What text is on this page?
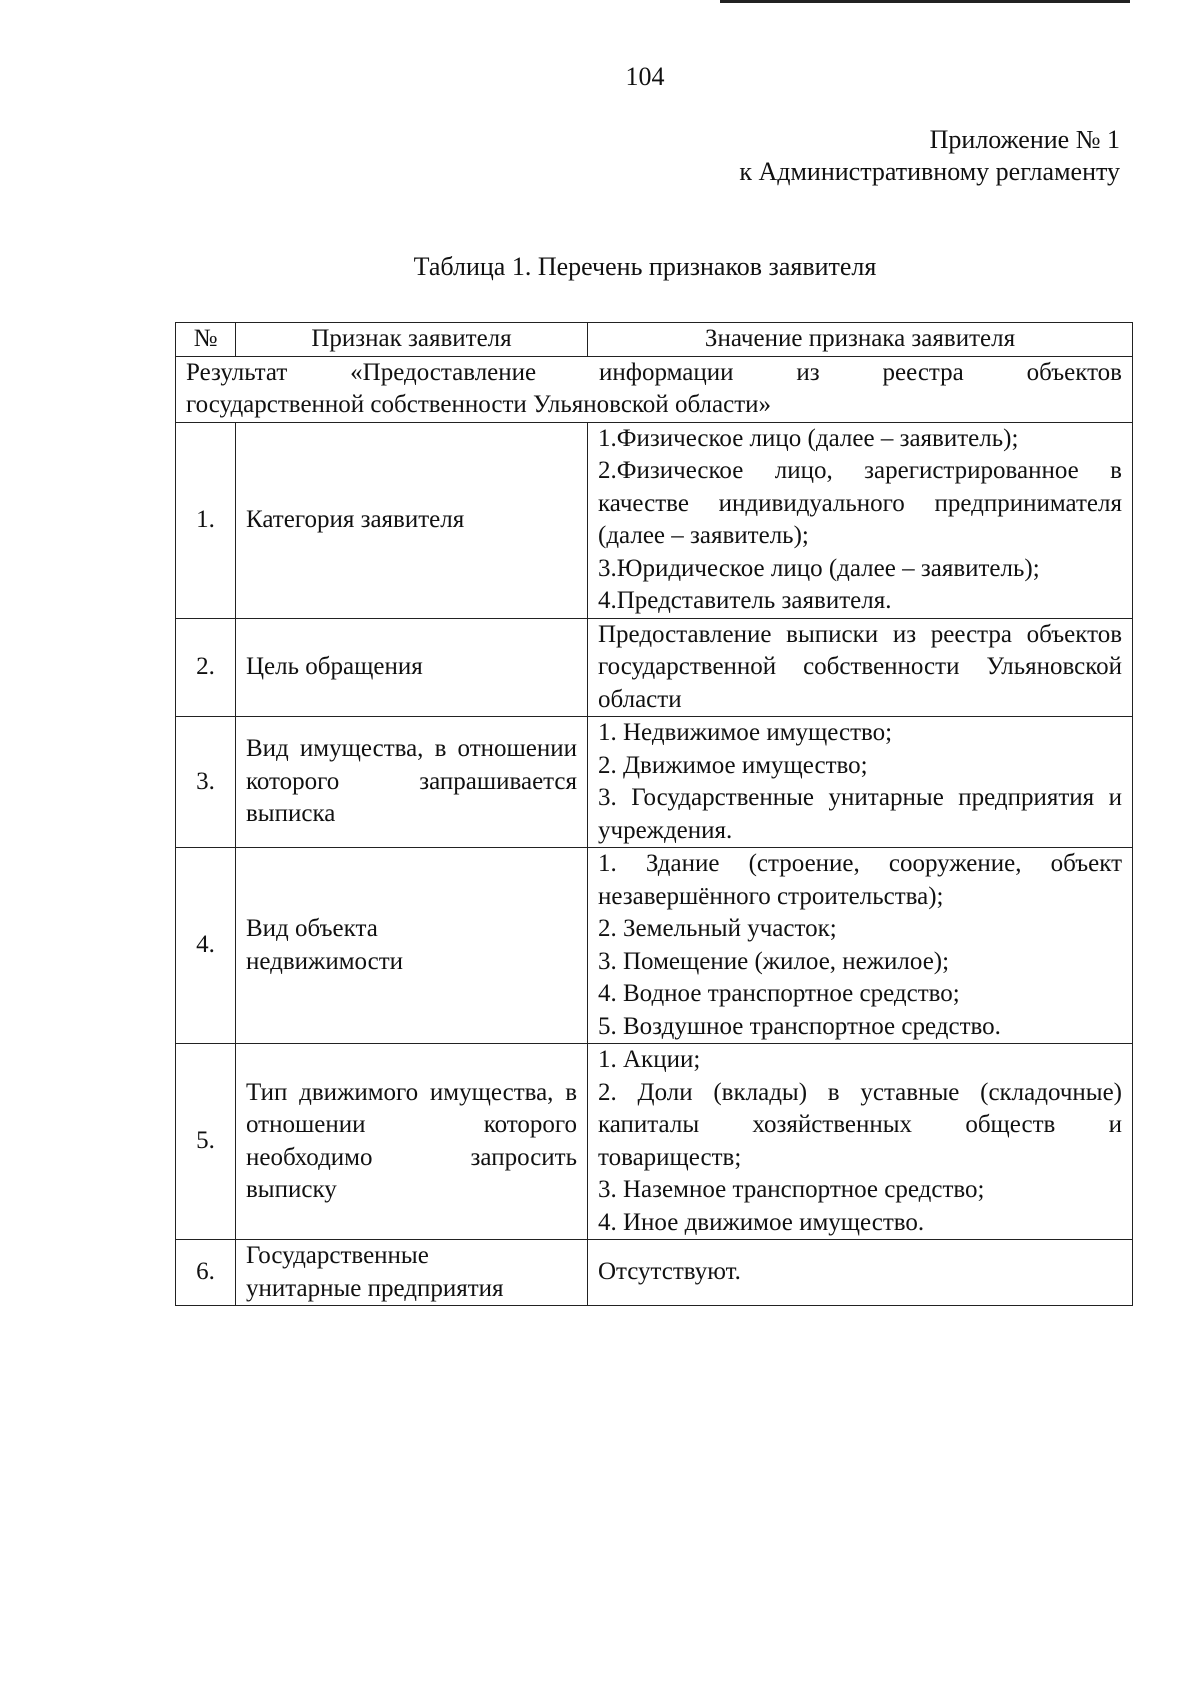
104
Приложение № 1
к Административному регламенту
Таблица 1. Перечень признаков заявителя
№	Признак заявителя	Значение признака заявителя

Результат «Предоставление информации из реестра объектов
государственной собственности Ульяновской области»		

1.	Категория заявителя	1.Физическое лицо (далее – заявитель);
2.Физическое лицо, зарегистрированное в качестве индивидуального предпринимателя (далее – заявитель);
3.Юридическое лицо (далее – заявитель);
4.Представитель заявителя.

2.	Цель обращения	Предоставление выписки из реестра объектов государственной собственности Ульяновской области

3.	Вид имущества, в отношении которого запрашивается выписка	1. Недвижимое имущество;
2. Движимое имущество;
3. Государственные унитарные предприятия и учреждения.

4.	Вид объекта недвижимости	1. Здание (строение, сооружение, объект незавершённого строительства);
2. Земельный участок;
3. Помещение (жилое, нежилое);
4. Водное транспортное средство;
5. Воздушное транспортное средство.

5.	Тип движимого имущества, в отношении которого необходимо запросить выписку	1. Акции;
2. Доли (вклады) в уставные (складочные) капиталы хозяйственных обществ и товариществ;
3. Наземное транспортное средство;
4. Иное движимое имущество.

6.	Государственные унитарные предприятия	Отсутствуют.
